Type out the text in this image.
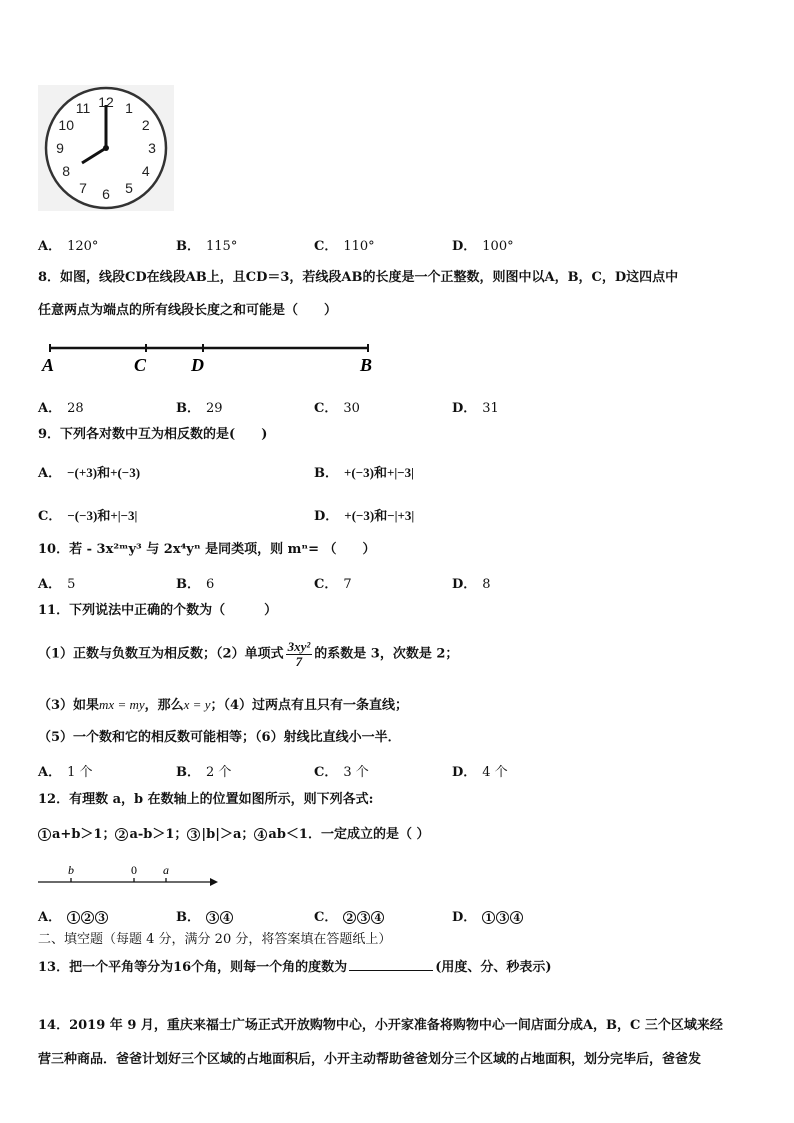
12 1
2
3
4
5
6
7
8
9
10
11
A． 120°	B． 115°	C． 110°	D． 100°
8．如图，线段CD在线段AB上，且CD＝3，若线段AB的长度是一个正整数，则图中以A，B，C，D这四点中
任意两点为端点的所有线段长度之和可能是（　　）
A	C D	B
A． 28	B． 29	C． 30	D． 31
9．下列各对数中互为相反数的是(　　)
A． −(+3)和+(−3)	B． +(−3)和+|−3|
C． −(−3)和+|−3|	D． +(−3)和−|+3|
10．若 - 3x²ᵐy³ 与 2x⁴yⁿ 是同类项，则 mⁿ= （　　）
A． 5	B． 6	C． 7	D． 8
11．下列说法中正确的个数为（　　　）
（1）正数与负数互为相反数；（2）单项式 $\frac{\text{3xy²}}{7}$ 的系数是 3，次数是 2；
（3）如果mx = my，那么x = y；（4）过两点有且只有一条直线；
（5）一个数和它的相反数可能相等；（6）射线比直线小一半．
A． 1 个	B． 2 个	C． 3 个	D． 4 个
12．有理数 a，b 在数轴上的位置如图所示，则下列各式:
1 a+b＞1； 2 a-b＞1； 3 |b|＞a； 4 ab＜1．一定成立的是（ ）
b	0 a
A． 1 2 3	B． 3 4	C． 2 3 4	D． 1 3 4
二、填空题（每题 4 分，满分 20 分，将答案填在答题纸上）
13．把一个平角等分为16个角，则每一个角的度数为	(用度、分、秒表示)
14．2019 年 9 月，重庆来福士广场正式开放购物中心，小开家准备将购物中心一间店面分成A，B，C 三个区域来经
营三种商品．爸爸计划好三个区域的占地面积后，小开主动帮助爸爸划分三个区域的占地面积，划分完毕后，爸爸发
